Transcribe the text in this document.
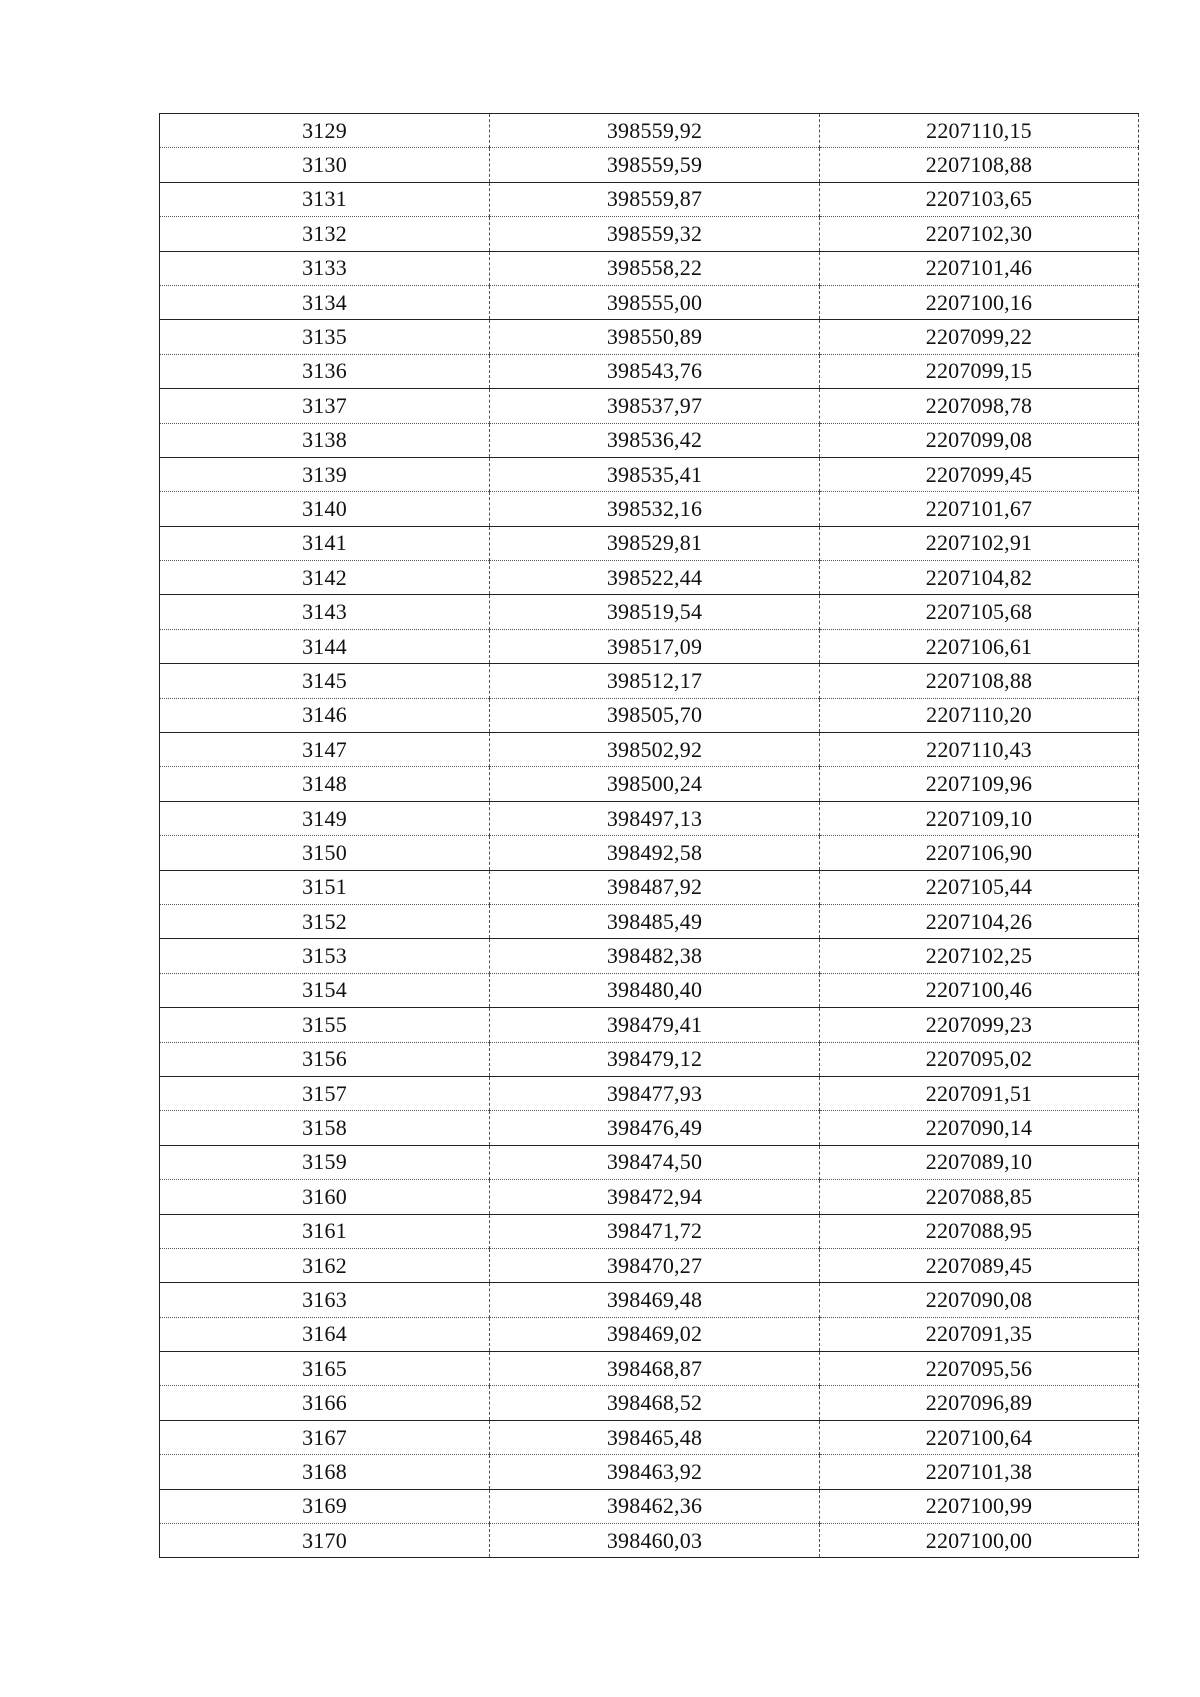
3129	398559,92	2207110,15
3130	398559,59	2207108,88
3131	398559,87	2207103,65
3132	398559,32	2207102,30
3133	398558,22	2207101,46
3134	398555,00	2207100,16
3135	398550,89	2207099,22
3136	398543,76	2207099,15
3137	398537,97	2207098,78
3138	398536,42	2207099,08
3139	398535,41	2207099,45
3140	398532,16	2207101,67
3141	398529,81	2207102,91
3142	398522,44	2207104,82
3143	398519,54	2207105,68
3144	398517,09	2207106,61
3145	398512,17	2207108,88
3146	398505,70	2207110,20
3147	398502,92	2207110,43
3148	398500,24	2207109,96
3149	398497,13	2207109,10
3150	398492,58	2207106,90
3151	398487,92	2207105,44
3152	398485,49	2207104,26
3153	398482,38	2207102,25
3154	398480,40	2207100,46
3155	398479,41	2207099,23
3156	398479,12	2207095,02
3157	398477,93	2207091,51
3158	398476,49	2207090,14
3159	398474,50	2207089,10
3160	398472,94	2207088,85
3161	398471,72	2207088,95
3162	398470,27	2207089,45
3163	398469,48	2207090,08
3164	398469,02	2207091,35
3165	398468,87	2207095,56
3166	398468,52	2207096,89
3167	398465,48	2207100,64
3168	398463,92	2207101,38
3169	398462,36	2207100,99
3170	398460,03	2207100,00
